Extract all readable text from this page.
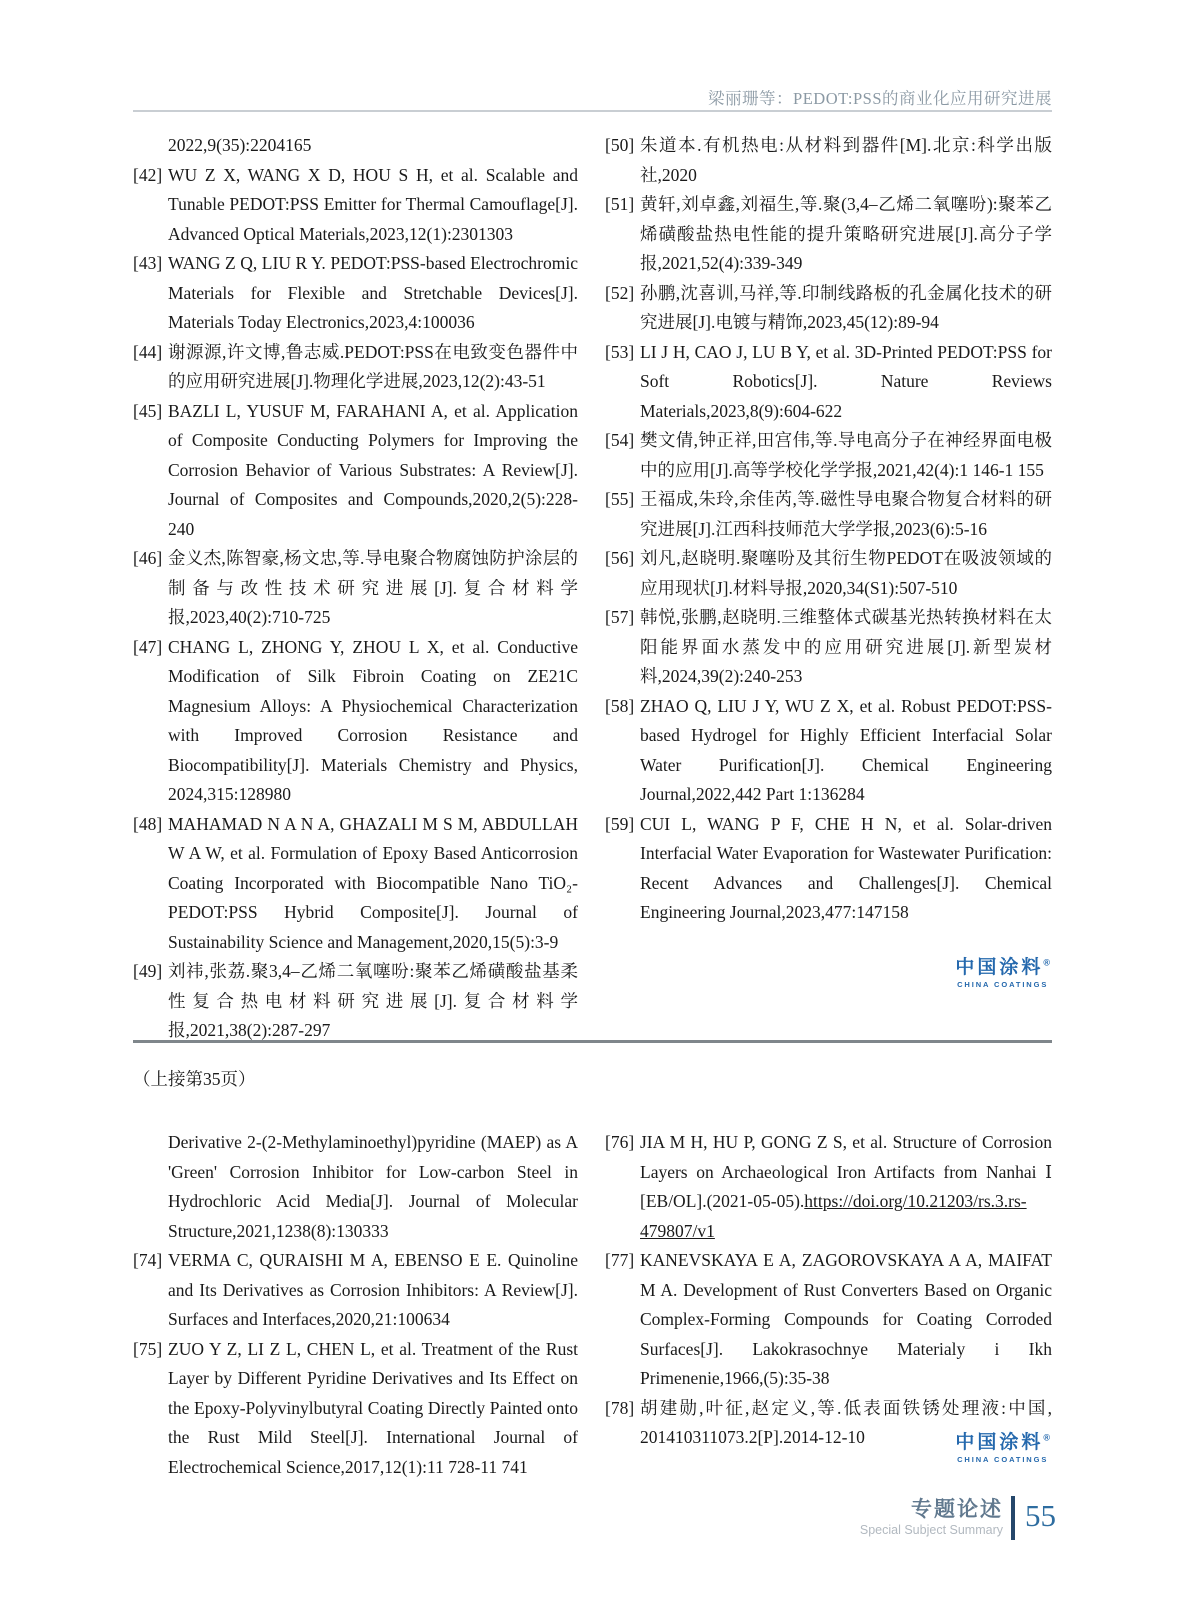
梁丽珊等：PEDOT:PSS的商业化应用研究进展
2022,9(35):2204165
[42] WU Z X, WANG X D, HOU S H, et al. Scalable and Tunable PEDOT:PSS Emitter for Thermal Camouflage[J]. Advanced Optical Materials,2023,12(1):2301303
[43] WANG Z Q, LIU R Y. PEDOT:PSS-based Electrochromic Materials for Flexible and Stretchable Devices[J]. Materials Today Electronics,2023,4:100036
[44] 谢源源,许文博,鲁志威.PEDOT:PSS在电致变色器件中的应用研究进展[J].物理化学进展,2023,12(2):43-51
[45] BAZLI L, YUSUF M, FARAHANI A, et al. Application of Composite Conducting Polymers for Improving the Corrosion Behavior of Various Substrates: A Review[J]. Journal of Composites and Compounds,2020,2(5):228-240
[46] 金义杰,陈智豪,杨文忠,等.导电聚合物腐蚀防护涂层的制备与改性技术研究进展[J].复合材料学报,2023,40(2):710-725
[47] CHANG L, ZHONG Y, ZHOU L X, et al. Conductive Modification of Silk Fibroin Coating on ZE21C Magnesium Alloys: A Physiochemical Characterization with Improved Corrosion Resistance and Biocompatibility[J]. Materials Chemistry and Physics, 2024,315:128980
[48] MAHAMAD N A N A, GHAZALI M S M, ABDULLAH W A W, et al. Formulation of Epoxy Based Anticorrosion Coating Incorporated with Biocompatible Nano TiO₂-PEDOT:PSS Hybrid Composite[J]. Journal of Sustainability Science and Management,2020,15(5):3-9
[49] 刘祎,张荔.聚3,4–乙烯二氧噻吩:聚苯乙烯磺酸盐基柔性复合热电材料研究进展[J].复合材料学报,2021,38(2):287-297
[50] 朱道本.有机热电:从材料到器件[M].北京:科学出版社,2020
[51] 黄轩,刘卓鑫,刘福生,等.聚(3,4–乙烯二氧噻吩):聚苯乙烯磺酸盐热电性能的提升策略研究进展[J].高分子学报,2021,52(4):339-349
[52] 孙鹏,沈喜训,马祥,等.印制线路板的孔金属化技术的研究进展[J].电镀与精饰,2023,45(12):89-94
[53] LI J H, CAO J, LU B Y, et al. 3D-Printed PEDOT:PSS for Soft Robotics[J]. Nature Reviews Materials,2023,8(9):604-622
[54] 樊文倩,钟正祥,田宫伟,等.导电高分子在神经界面电极中的应用[J].高等学校化学学报,2021,42(4):1 146-1 155
[55] 王福成,朱玲,余佳芮,等.磁性导电聚合物复合材料的研究进展[J].江西科技师范大学学报,2023(6):5-16
[56] 刘凡,赵晓明.聚噻吩及其衍生物PEDOT在吸波领域的应用现状[J].材料导报,2020,34(S1):507-510
[57] 韩悦,张鹏,赵晓明.三维整体式碳基光热转换材料在太阳能界面水蒸发中的应用研究进展[J].新型炭材料,2024,39(2):240-253
[58] ZHAO Q, LIU J Y, WU Z X, et al. Robust PEDOT:PSS-based Hydrogel for Highly Efficient Interfacial Solar Water Purification[J]. Chemical Engineering Journal,2022,442 Part 1:136284
[59] CUI L, WANG P F, CHE H N, et al. Solar-driven Interfacial Water Evaporation for Wastewater Purification: Recent Advances and Challenges[J]. Chemical Engineering Journal,2023,477:147158
中国涂料®
CHINA COATINGS
（上接第35页）
Derivative 2-(2-Methylaminoethyl)pyridine (MAEP) as A 'Green' Corrosion Inhibitor for Low-carbon Steel in Hydrochloric Acid Media[J]. Journal of Molecular Structure,2021,1238(8):130333
[74] VERMA C, QURAISHI M A, EBENSO E E. Quinoline and Its Derivatives as Corrosion Inhibitors: A Review[J]. Surfaces and Interfaces,2020,21:100634
[75] ZUO Y Z, LI Z L, CHEN L, et al. Treatment of the Rust Layer by Different Pyridine Derivatives and Its Effect on the Epoxy-Polyvinylbutyral Coating Directly Painted onto the Rust Mild Steel[J]. International Journal of Electrochemical Science,2017,12(1):11 728-11 741
[76] JIA M H, HU P, GONG Z S, et al. Structure of Corrosion Layers on Archaeological Iron Artifacts from Nanhai Ⅰ [EB/OL].(2021-05-05).https://doi.org/10.21203/rs.3.rs-479807/v1
[77] KANEVSKAYA E A, ZAGOROVSKAYA A A, MAIFAT M A. Development of Rust Converters Based on Organic Complex-Forming Compounds for Coating Corroded Surfaces[J]. Lakokrasochnye Materialy i Ikh Primenenie,1966,(5):35-38
[78] 胡建勋,叶征,赵定义,等.低表面铁锈处理液:中国, 201410311073.2[P].2014-12-10	中国涂料®
CHINA COATINGS
专题论述
Special Subject Summary 55
